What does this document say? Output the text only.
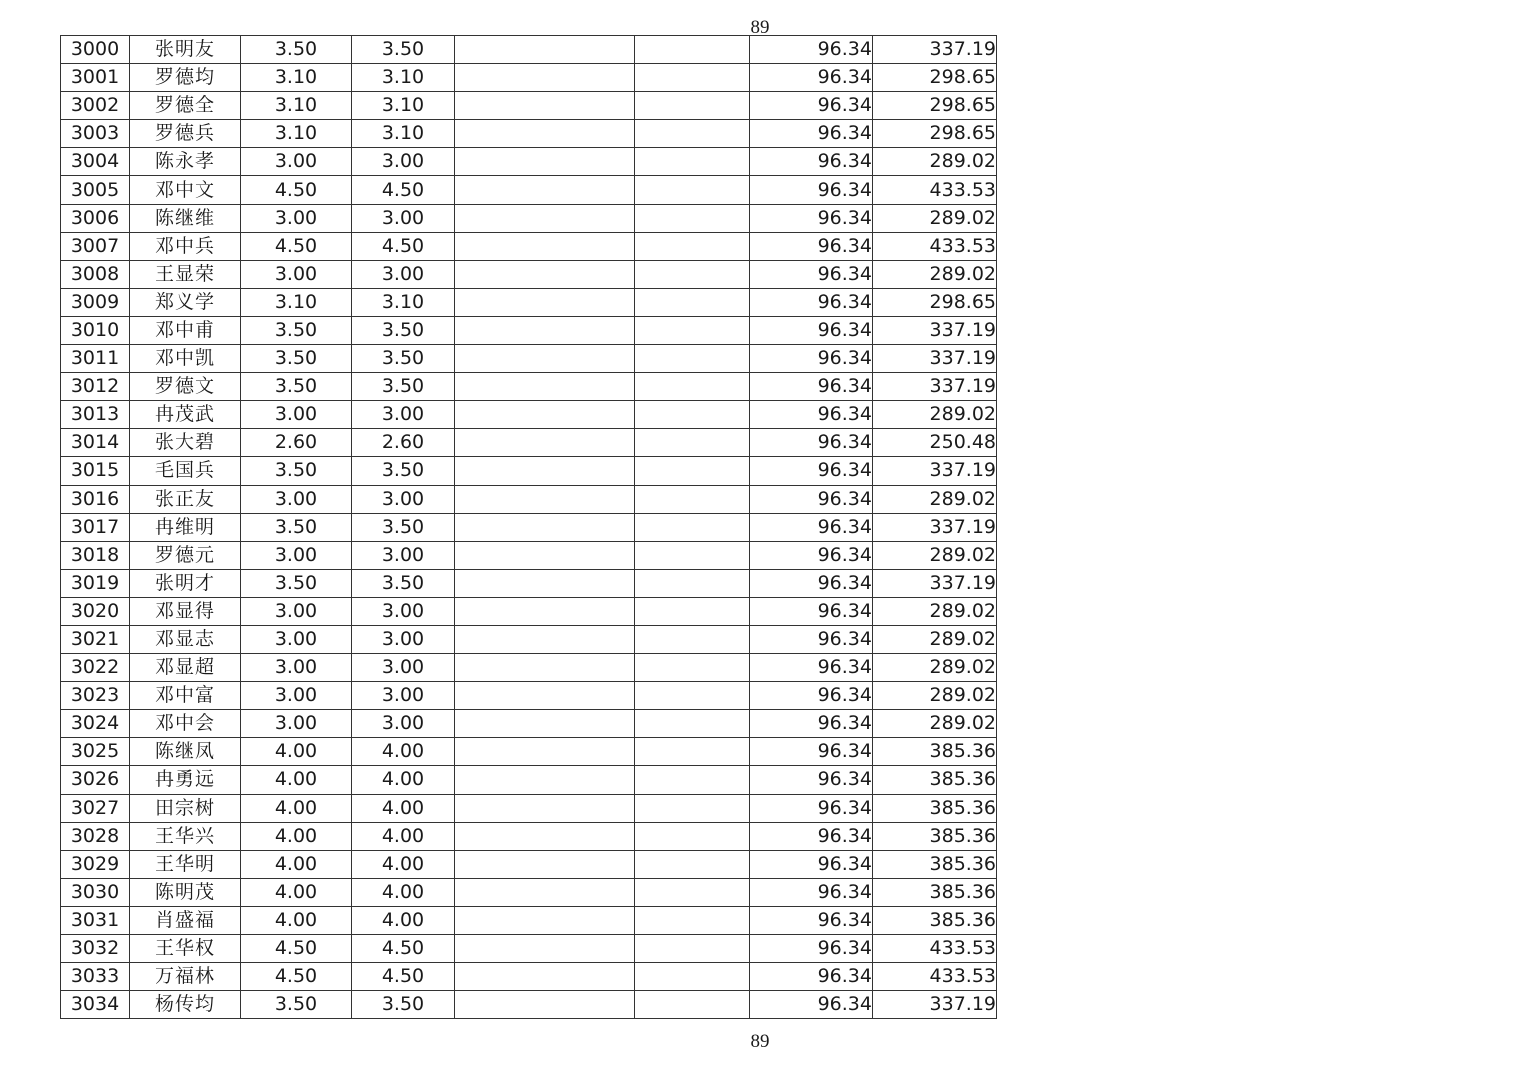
89
3000	张明友	3.50	3.50			96.34	337.19
3001	罗德均	3.10	3.10			96.34	298.65
3002	罗德全	3.10	3.10			96.34	298.65
3003	罗德兵	3.10	3.10			96.34	298.65
3004	陈永孝	3.00	3.00			96.34	289.02
3005	邓中文	4.50	4.50			96.34	433.53
3006	陈继维	3.00	3.00			96.34	289.02
3007	邓中兵	4.50	4.50			96.34	433.53
3008	王显荣	3.00	3.00			96.34	289.02
3009	郑义学	3.10	3.10			96.34	298.65
3010	邓中甫	3.50	3.50			96.34	337.19
3011	邓中凯	3.50	3.50			96.34	337.19
3012	罗德文	3.50	3.50			96.34	337.19
3013	冉茂武	3.00	3.00			96.34	289.02
3014	张大碧	2.60	2.60			96.34	250.48
3015	毛国兵	3.50	3.50			96.34	337.19
3016	张正友	3.00	3.00			96.34	289.02
3017	冉维明	3.50	3.50			96.34	337.19
3018	罗德元	3.00	3.00			96.34	289.02
3019	张明才	3.50	3.50			96.34	337.19
3020	邓显得	3.00	3.00			96.34	289.02
3021	邓显志	3.00	3.00			96.34	289.02
3022	邓显超	3.00	3.00			96.34	289.02
3023	邓中富	3.00	3.00			96.34	289.02
3024	邓中会	3.00	3.00			96.34	289.02
3025	陈继凤	4.00	4.00			96.34	385.36
3026	冉勇远	4.00	4.00			96.34	385.36
3027	田宗树	4.00	4.00			96.34	385.36
3028	王华兴	4.00	4.00			96.34	385.36
3029	王华明	4.00	4.00			96.34	385.36
3030	陈明茂	4.00	4.00			96.34	385.36
3031	肖盛福	4.00	4.00			96.34	385.36
3032	王华权	4.50	4.50			96.34	433.53
3033	万福林	4.50	4.50			96.34	433.53
3034	杨传均	3.50	3.50			96.34	337.19
89
